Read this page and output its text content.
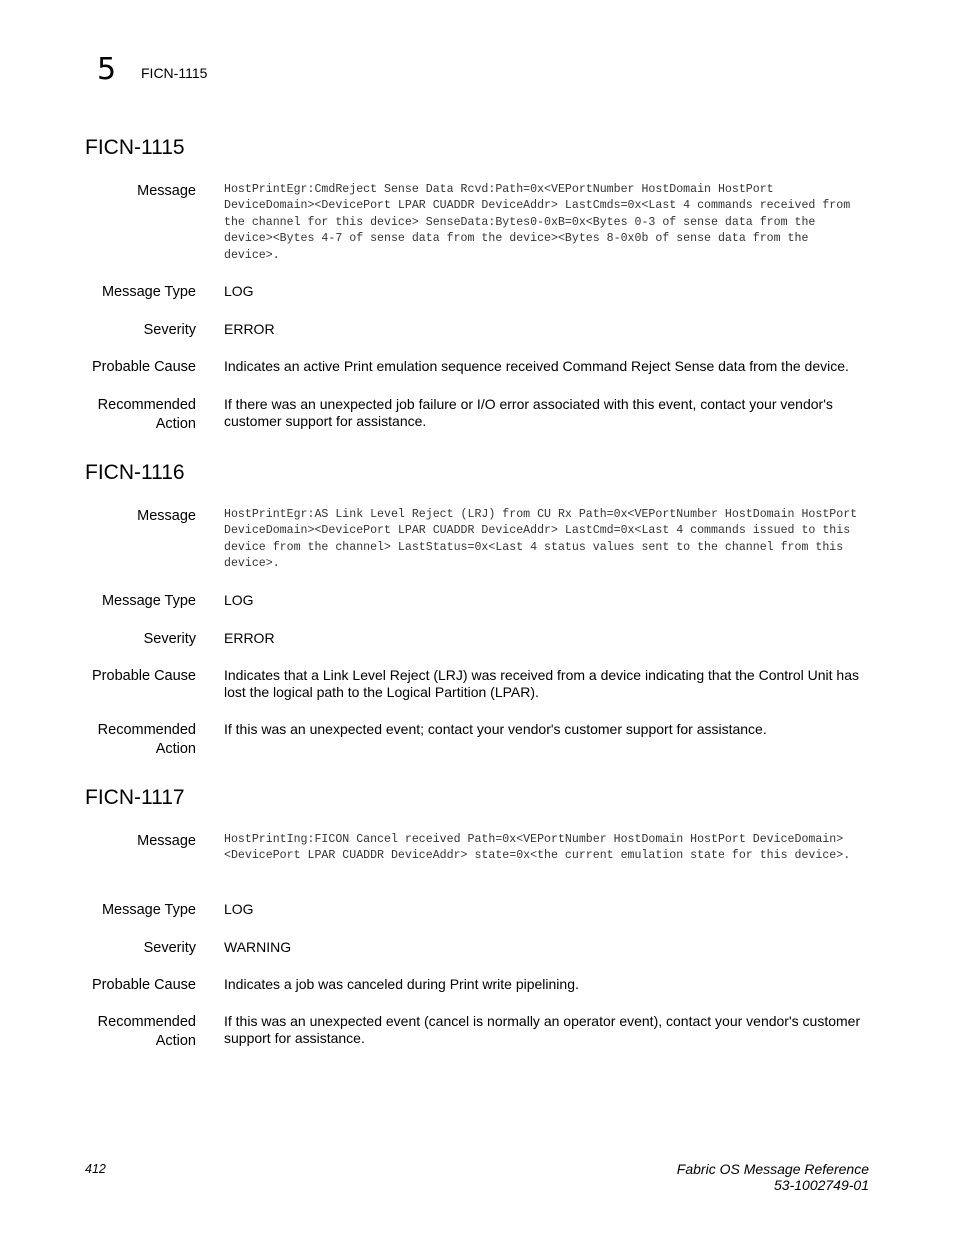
5 FICN-1115
FICN-1115
Message HostPrintEgr:CmdReject Sense Data Rcvd:Path=0x<VEPortNumber HostDomain HostPort DeviceDomain><DevicePort LPAR CUADDR DeviceAddr> LastCmds=0x<Last 4 commands received from the channel for this device> SenseData:Bytes0-0xB=0x<Bytes 0-3 of sense data from the device><Bytes 4-7 of sense data from the device><Bytes 8-0x0b of sense data from the device>.
Message Type LOG
Severity ERROR
Probable Cause Indicates an active Print emulation sequence received Command Reject Sense data from the device.
Recommended
Action
If there was an unexpected job failure or I/O error associated with this event, contact your vendor's customer support for assistance.
FICN-1116
Message HostPrintEgr:AS Link Level Reject (LRJ) from CU Rx Path=0x<VEPortNumber HostDomain HostPort DeviceDomain><DevicePort LPAR CUADDR DeviceAddr> LastCmd=0x<Last 4 commands issued to this device from the channel> LastStatus=0x<Last 4 status values sent to the channel from this device>.
Message Type LOG
Severity ERROR
Probable Cause Indicates that a Link Level Reject (LRJ) was received from a device indicating that the Control Unit has lost the logical path to the Logical Partition (LPAR).
Recommended
Action
If this was an unexpected event; contact your vendor's customer support for assistance.
FICN-1117
Message HostPrintIng:FICON Cancel received Path=0x<VEPortNumber HostDomain HostPort DeviceDomain><DevicePort LPAR CUADDR DeviceAddr> state=0x<the current emulation state for this device>.
Message Type LOG
Severity WARNING
Probable Cause Indicates a job was canceled during Print write pipelining.
Recommended
Action
If this was an unexpected event (cancel is normally an operator event), contact your vendor's customer support for assistance.
412	Fabric OS Message Reference
53-1002749-01
